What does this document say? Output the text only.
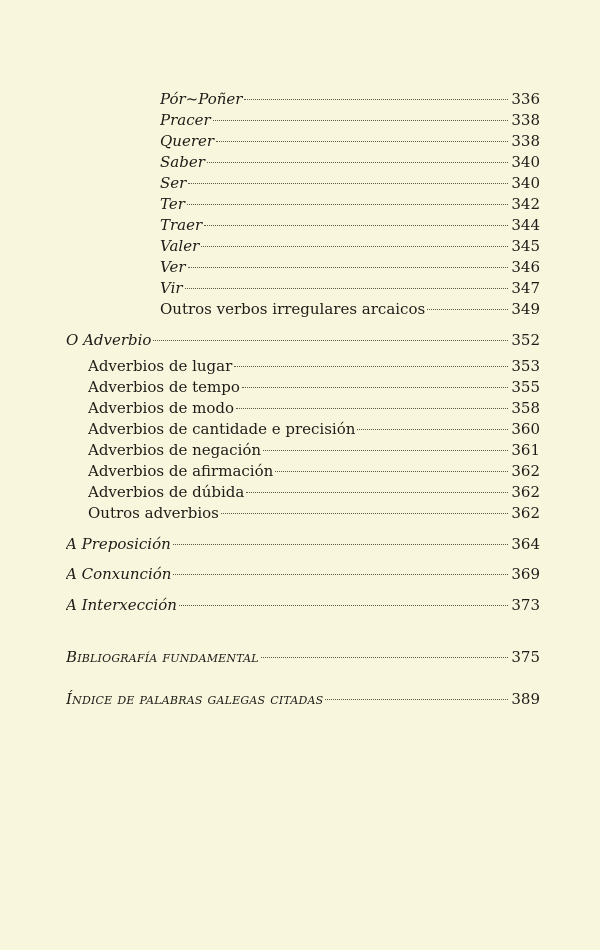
Pór~Poñer	336
Pracer	338
Querer	338
Saber	340
Ser	340
Ter	342
Traer	344
Valer	345
Ver	346
Vir	347
Outros verbos irregulares arcaicos	349
O Adverbio	352
Adverbios de lugar	353
Adverbios de tempo	355
Adverbios de modo	358
Adverbios de cantidade e precisión	360
Adverbios de negación	361
Adverbios de afirmación	362
Adverbios de dúbida	362
Outros adverbios	362
A Preposición	364
A Conxunción	369
A Interxección	373
Bibliografía fundamental	375
Índice de palabras galegas citadas	389
